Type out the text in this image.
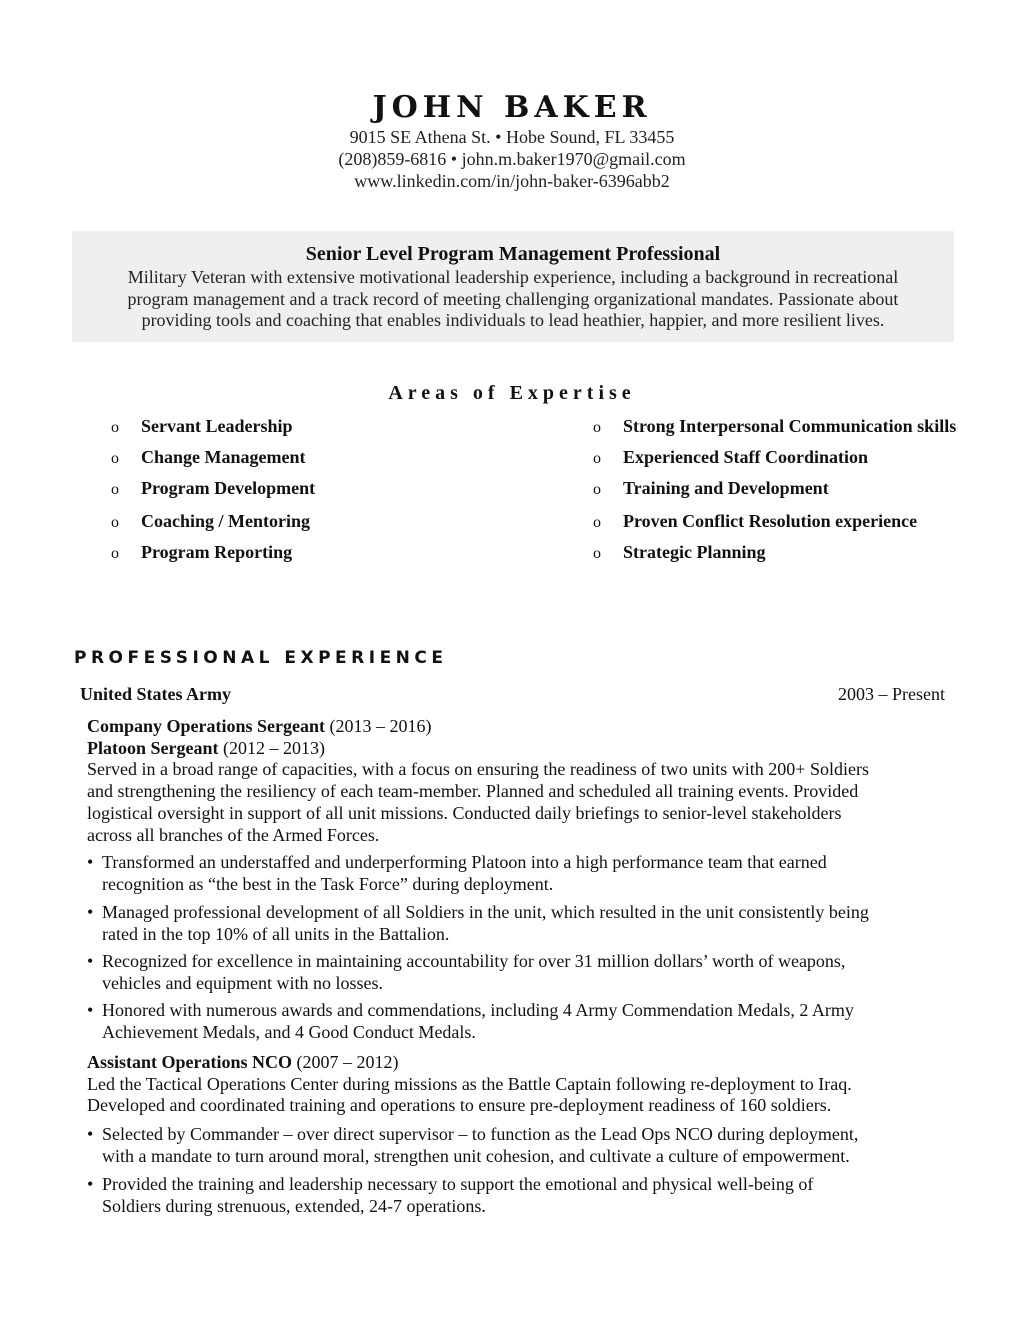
JOHN BAKER
9015 SE Athena St. • Hobe Sound, FL 33455
(208)859-6816 • john.m.baker1970@gmail.com
www.linkedin.com/in/john-baker-6396abb2
Senior Level Program Management Professional
Military Veteran with extensive motivational leadership experience, including a background in recreational
program management and a track record of meeting challenging organizational mandates. Passionate about
providing tools and coaching that enables individuals to lead heathier, happier, and more resilient lives.
Areas of Expertise
o Servant Leadership
o Change Management
o Program Development
o Coaching / Mentoring
o Program Reporting
o Strong Interpersonal Communication skills
o Experienced Staff Coordination
o Training and Development
o Proven Conflict Resolution experience
o Strategic Planning
PROFESSIONAL EXPERIENCE
United States Army	2003 – Present
Company Operations Sergeant (2013 – 2016)
Platoon Sergeant (2012 – 2013)
Served in a broad range of capacities, with a focus on ensuring the readiness of two units with 200+ Soldiers
and strengthening the resiliency of each team-member. Planned and scheduled all training events. Provided
logistical oversight in support of all unit missions. Conducted daily briefings to senior-level stakeholders
across all branches of the Armed Forces.
• Transformed an understaffed and underperforming Platoon into a high performance team that earned
recognition as “the best in the Task Force” during deployment.
• Managed professional development of all Soldiers in the unit, which resulted in the unit consistently being
rated in the top 10% of all units in the Battalion.
• Recognized for excellence in maintaining accountability for over 31 million dollars’ worth of weapons,
vehicles and equipment with no losses.
• Honored with numerous awards and commendations, including 4 Army Commendation Medals, 2 Army
Achievement Medals, and 4 Good Conduct Medals.
Assistant Operations NCO (2007 – 2012)
Led the Tactical Operations Center during missions as the Battle Captain following re-deployment to Iraq.
Developed and coordinated training and operations to ensure pre-deployment readiness of 160 soldiers.
• Selected by Commander – over direct supervisor – to function as the Lead Ops NCO during deployment,
with a mandate to turn around moral, strengthen unit cohesion, and cultivate a culture of empowerment.
• Provided the training and leadership necessary to support the emotional and physical well-being of
Soldiers during strenuous, extended, 24-7 operations.
